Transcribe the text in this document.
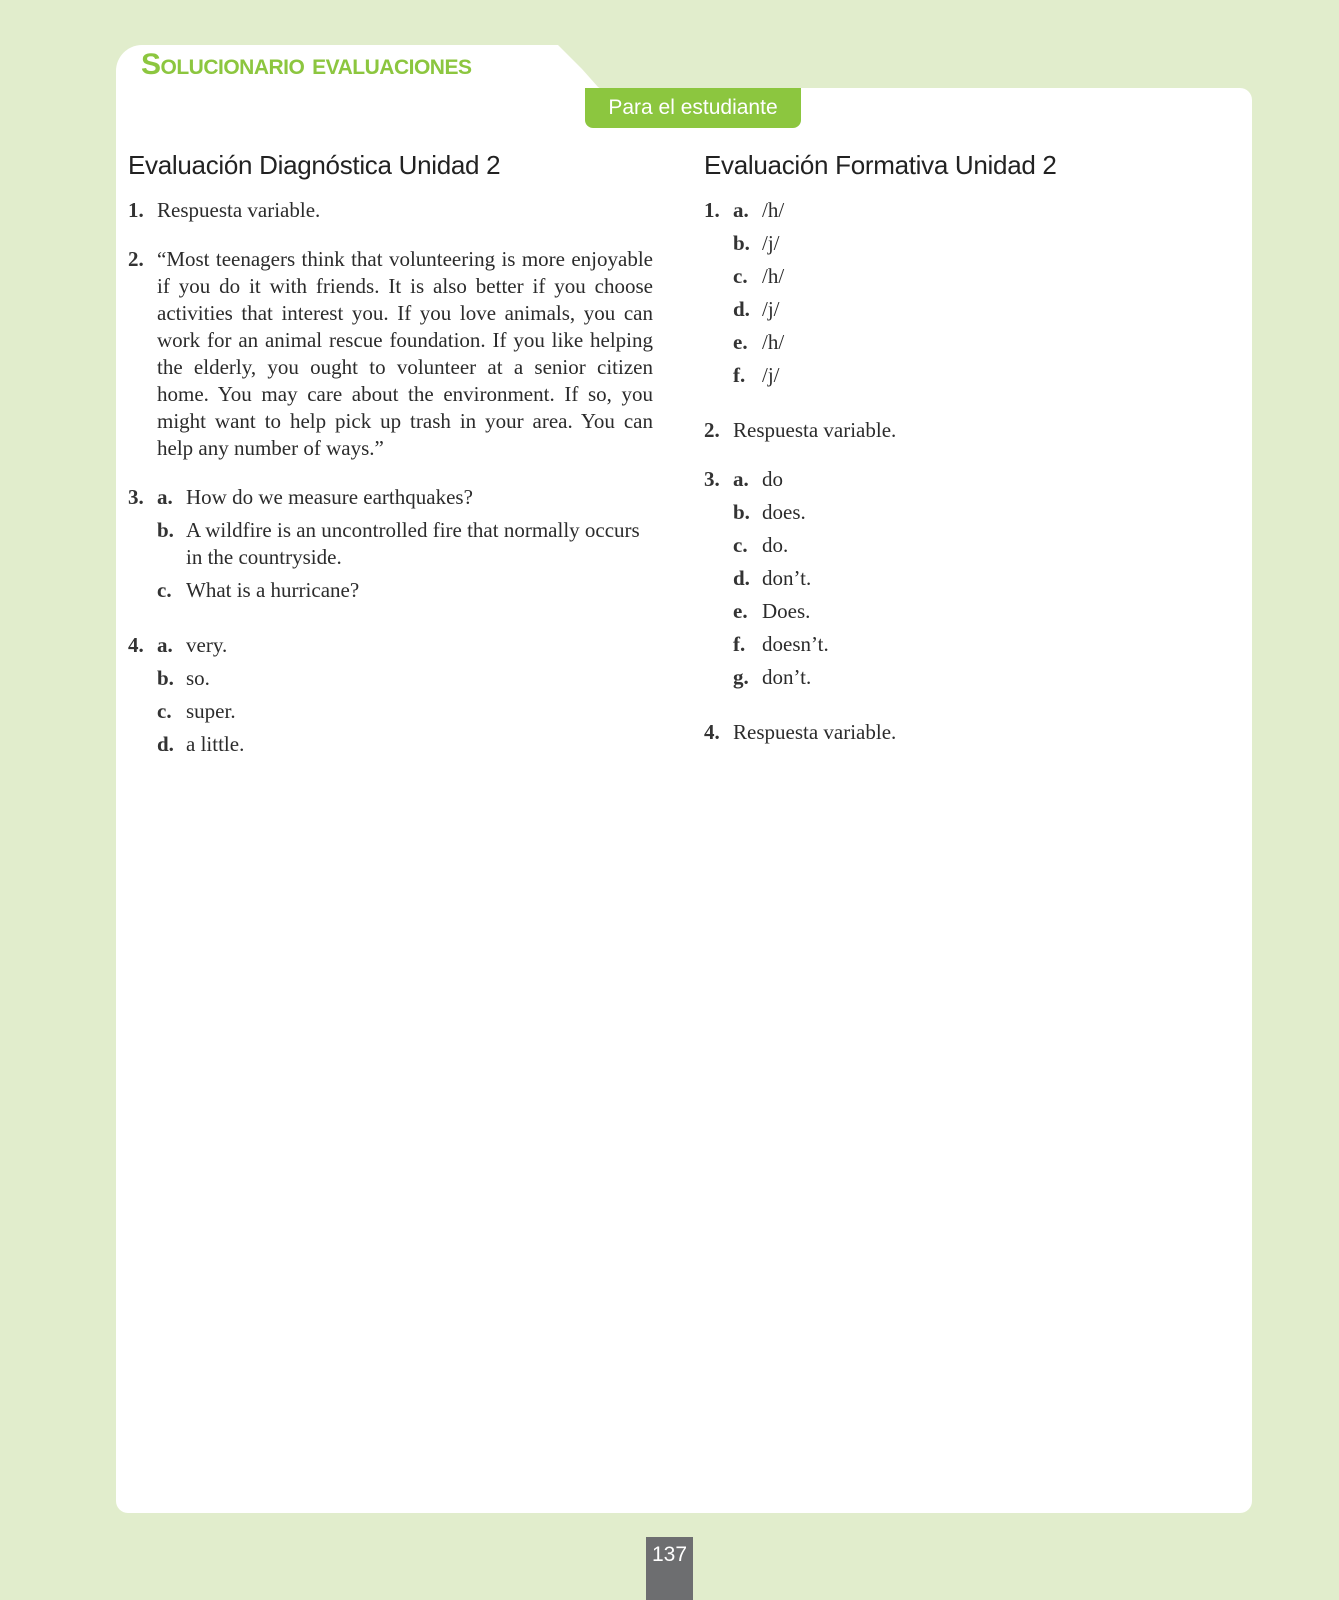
Solucionario evaluaciones
Para el estudiante
Evaluación Diagnóstica Unidad 2
1. Respuesta variable.
2. “Most teenagers think that volunteering is more enjoyable if you do it with friends. It is also better if you choose activities that interest you. If you love animals, you can work for an animal rescue foundation. If you like helping the elderly, you ought to volunteer at a senior citizen home. You may care about the environment. If so, you might want to help pick up trash in your area. You can help any number of ways.”
3. a. How do we measure earthquakes?
b. A wildfire is an uncontrolled fire that normally occurs in the countryside.
c. What is a hurricane?
4. a. very.
b. so.
c. super.
d. a little.
Evaluación Formativa Unidad 2
1. a. /h/
b. /j/
c. /h/
d. /j/
e. /h/
f. /j/
2. Respuesta variable.
3. a. do
b. does.
c. do.
d. don’t.
e. Does.
f. doesn’t.
g. don’t.
4. Respuesta variable.
137
